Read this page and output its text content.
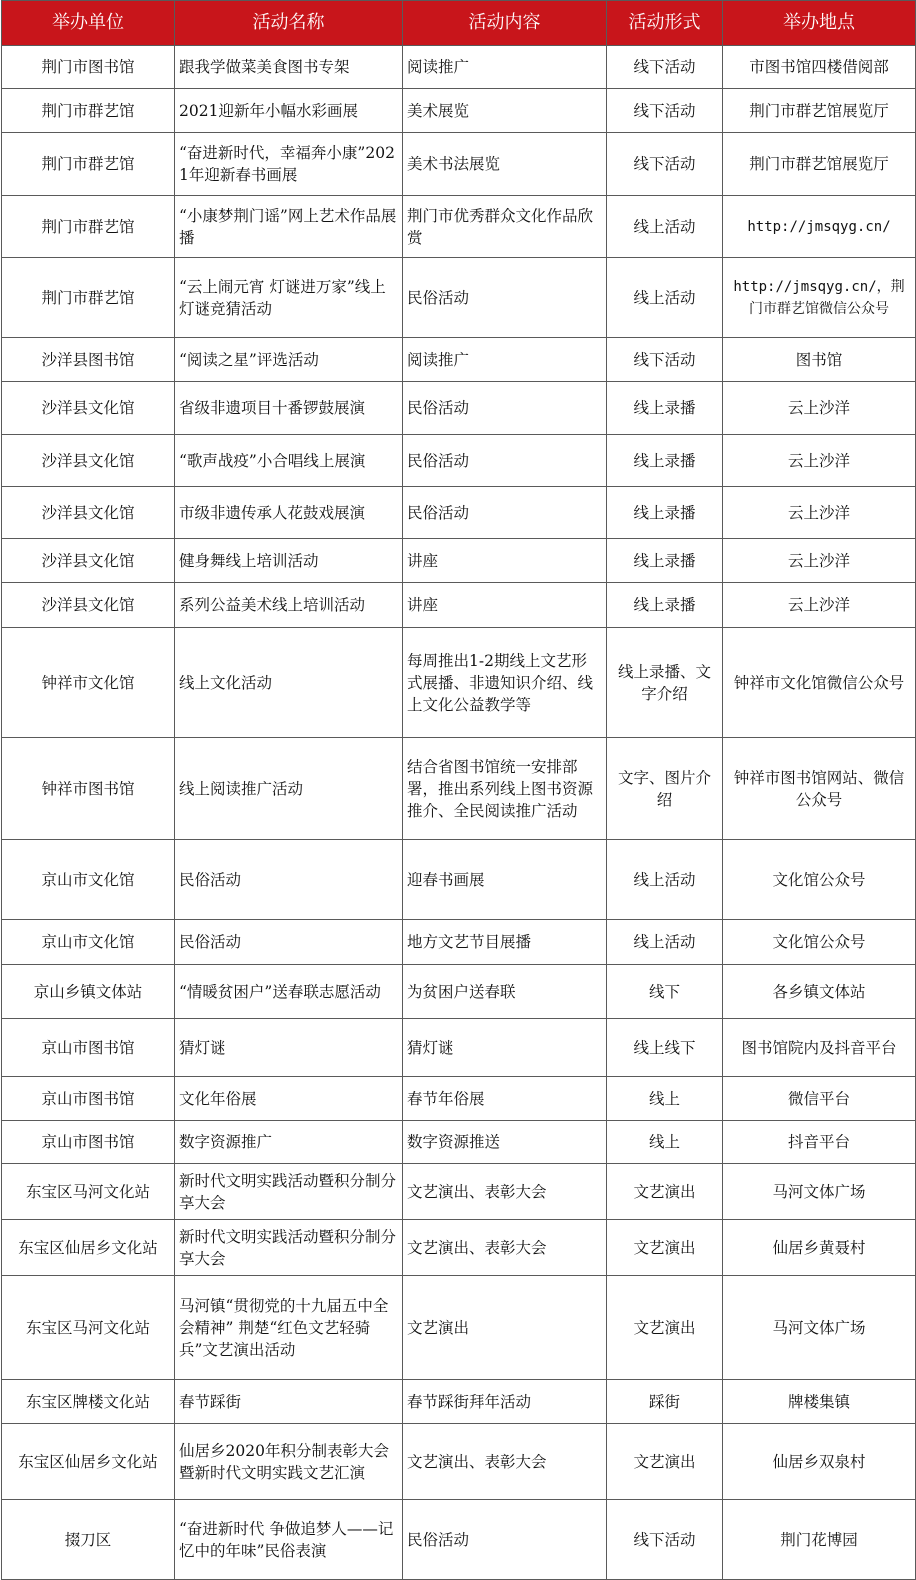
举办单位	活动名称	活动内容	活动形式	举办地点
荆门市图书馆	跟我学做菜美食图书专架	阅读推广	线下活动	市图书馆四楼借阅部
荆门市群艺馆	2021迎新年小幅水彩画展	美术展览	线下活动	荆门市群艺馆展览厅
荆门市群艺馆	“奋进新时代，幸福奔小康”2021年迎新春书画展	美术书法展览	线下活动	荆门市群艺馆展览厅
荆门市群艺馆	“小康梦荆门谣”网上艺术作品展播	荆门市优秀群众文化作品欣赏	线上活动	http://jmsqyg.cn/
荆门市群艺馆	“云上闹元宵 灯谜进万家”线上灯谜竞猜活动	民俗活动	线上活动	http://jmsqyg.cn/，荆门市群艺馆微信公众号
沙洋县图书馆	“阅读之星”评选活动	阅读推广	线下活动	图书馆
沙洋县文化馆	省级非遗项目十番锣鼓展演	民俗活动	线上录播	云上沙洋
沙洋县文化馆	“歌声战疫”小合唱线上展演	民俗活动	线上录播	云上沙洋
沙洋县文化馆	市级非遗传承人花鼓戏展演	民俗活动	线上录播	云上沙洋
沙洋县文化馆	健身舞线上培训活动	讲座	线上录播	云上沙洋
沙洋县文化馆	系列公益美术线上培训活动	讲座	线上录播	云上沙洋
钟祥市文化馆	线上文化活动	每周推出1-2期线上文艺形式展播、非遗知识介绍、线上文化公益教学等	线上录播、文字介绍	钟祥市文化馆微信公众号
钟祥市图书馆	线上阅读推广活动	结合省图书馆统一安排部署，推出系列线上图书资源推介、全民阅读推广活动	文字、图片介绍	钟祥市图书馆网站、微信公众号
京山市文化馆	民俗活动	迎春书画展	线上活动	文化馆公众号
京山市文化馆	民俗活动	地方文艺节目展播	线上活动	文化馆公众号
京山乡镇文体站	“情暖贫困户”送春联志愿活动	为贫困户送春联	线下	各乡镇文体站
京山市图书馆	猜灯谜	猜灯谜	线上线下	图书馆院内及抖音平台
京山市图书馆	文化年俗展	春节年俗展	线上	微信平台
京山市图书馆	数字资源推广	数字资源推送	线上	抖音平台
东宝区马河文化站	新时代文明实践活动暨积分制分享大会	文艺演出、表彰大会	文艺演出	马河文体广场
东宝区仙居乡文化站	新时代文明实践活动暨积分制分享大会	文艺演出、表彰大会	文艺演出	仙居乡黄聂村
东宝区马河文化站	马河镇“贯彻党的十九届五中全会精神” 荆楚“红色文艺轻骑兵”文艺演出活动	文艺演出	文艺演出	马河文体广场
东宝区牌楼文化站	春节踩街	春节踩街拜年活动	踩街	牌楼集镇
东宝区仙居乡文化站	仙居乡2020年积分制表彰大会暨新时代文明实践文艺汇演	文艺演出、表彰大会	文艺演出	仙居乡双泉村
掇刀区	“奋进新时代 争做追梦人——记忆中的年味”民俗表演	民俗活动	线下活动	荆门花博园
